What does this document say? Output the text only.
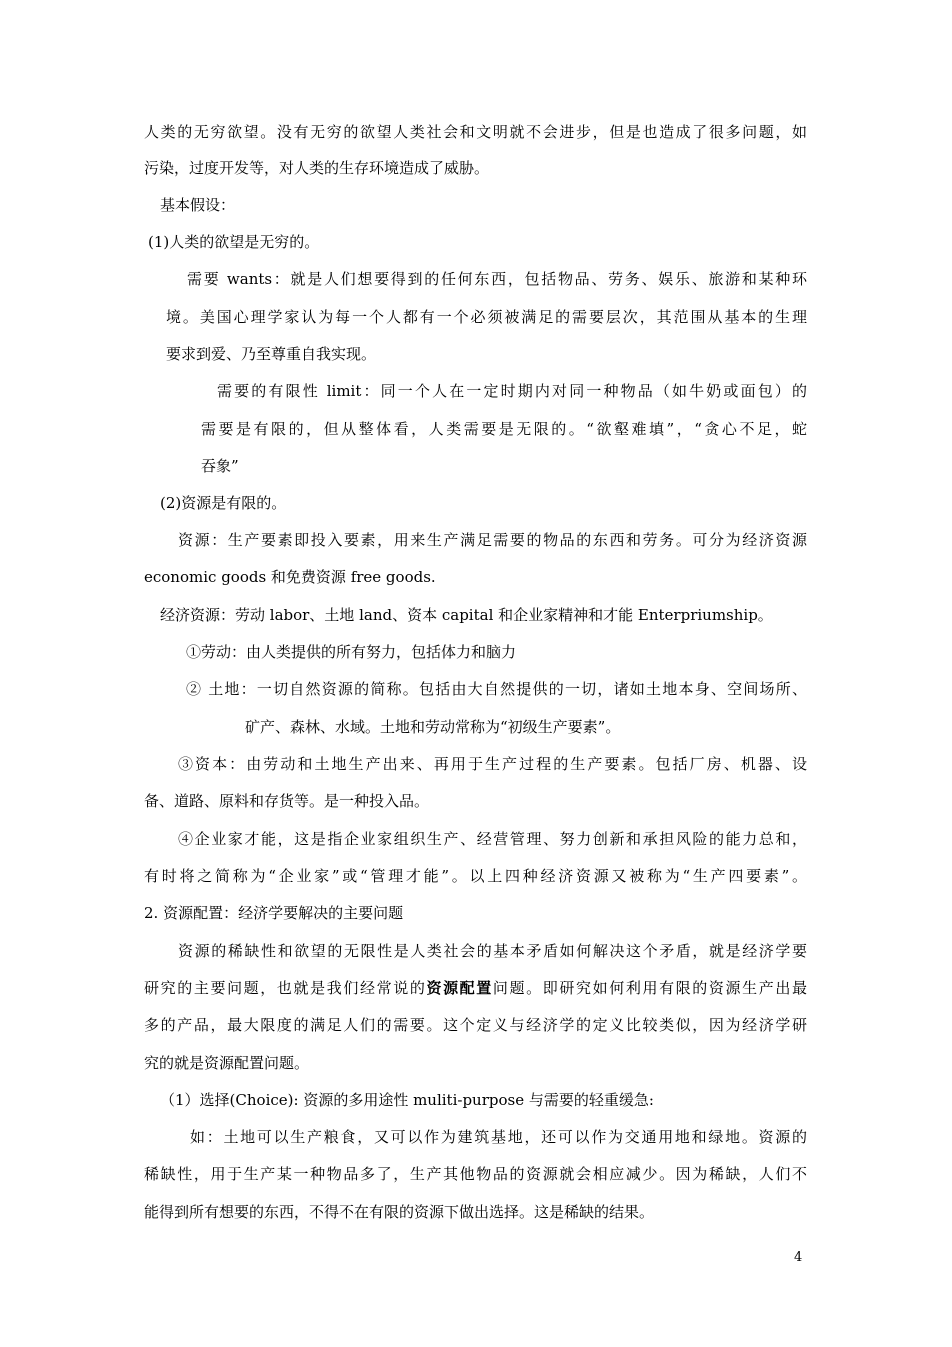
人类的无穷欲望。没有无穷的欲望人类社会和文明就不会进步，但是也造成了很多问题，如
污染，过度开发等，对人类的生存环境造成了威胁。
基本假设：
(1)人类的欲望是无穷的。
需要 wants：就是人们想要得到的任何东西，包括物品、劳务、娱乐、旅游和某种环
境。美国心理学家认为每一个人都有一个必须被满足的需要层次，其范围从基本的生理
要求到爱、乃至尊重自我实现。
需要的有限性 limit：同一个人在一定时期内对同一种物品（如牛奶或面包）的
需要是有限的，但从整体看，人类需要是无限的。“欲壑难填”，“贪心不足，蛇
吞象”
(2)资源是有限的。
资源：生产要素即投入要素，用来生产满足需要的物品的东西和劳务。可分为经济资源
economic goods 和免费资源 free goods.
经济资源：劳动 labor、土地 land、资本 capital 和企业家精神和才能 Enterpriumship。
①劳动：由人类提供的所有努力，包括体力和脑力
② 土地：一切自然资源的简称。包括由大自然提供的一切，诸如土地本身、空间场所、
矿产、森林、水域。土地和劳动常称为“初级生产要素”。
③资本：由劳动和土地生产出来、再用于生产过程的生产要素。包括厂房、机器、设
备、道路、原料和存货等。是一种投入品。
④企业家才能，这是指企业家组织生产、经营管理、努力创新和承担风险的能力总和，
有时将之简称为“企业家”或“管理才能”。以上四种经济资源又被称为“生产四要素”。
2. 资源配置：经济学要解决的主要问题
资源的稀缺性和欲望的无限性是人类社会的基本矛盾如何解决这个矛盾，就是经济学要
研究的主要问题，也就是我们经常说的资源配置问题。即研究如何利用有限的资源生产出最
多的产品，最大限度的满足人们的需要。这个定义与经济学的定义比较类似，因为经济学研
究的就是资源配置问题。
（1）选择(Choice): 资源的多用途性 muliti-purpose 与需要的轻重缓急:
如：土地可以生产粮食，又可以作为建筑基地，还可以作为交通用地和绿地。资源的
稀缺性，用于生产某一种物品多了，生产其他物品的资源就会相应减少。因为稀缺，人们不
能得到所有想要的东西，不得不在有限的资源下做出选择。这是稀缺的结果。
4
